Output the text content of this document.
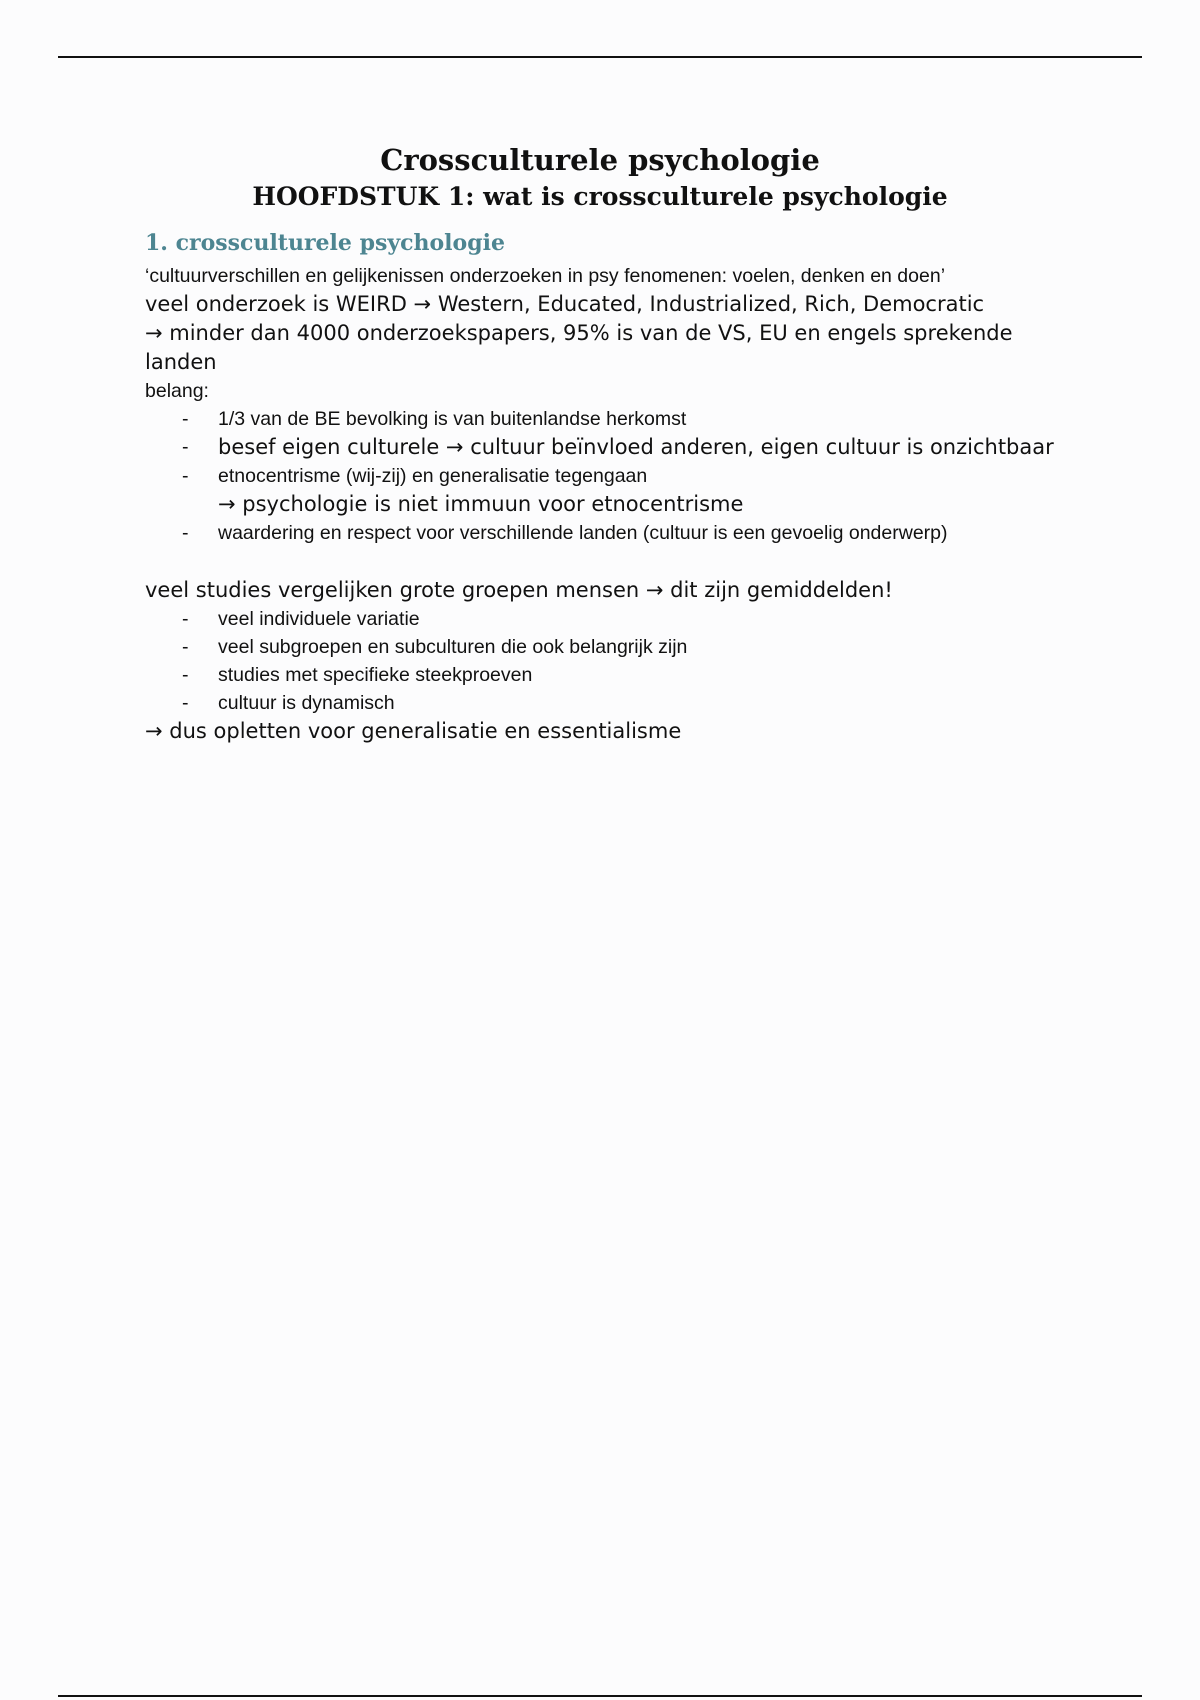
Crossculturele psychologie
HOOFDSTUK 1: wat is crossculturele psychologie
1. crossculturele psychologie

‘cultuurverschillen en gelijkenissen onderzoeken in psy fenomenen: voelen, denken en doen’

veel onderzoek is WEIRD → Western, Educated, Industrialized, Rich, Democratic

→ minder dan 4000 onderzoekspapers, 95% is van de VS, EU en engels sprekende landen

belang:

- 1/3 van de BE bevolking is van buitenlandse herkomst
- besef eigen culturele → cultuur beïnvloed anderen, eigen cultuur is onzichtbaar
- etnocentrisme (wij-zij) en generalisatie tegengaan
→ psychologie is niet immuun voor etnocentrisme
- waardering en respect voor verschillende landen (cultuur is een gevoelig onderwerp)

veel studies vergelijken grote groepen mensen → dit zijn gemiddelden!

- veel individuele variatie
- veel subgroepen en subculturen die ook belangrijk zijn
- studies met specifieke steekproeven
- cultuur is dynamisch

→ dus opletten voor generalisatie en essentialisme
